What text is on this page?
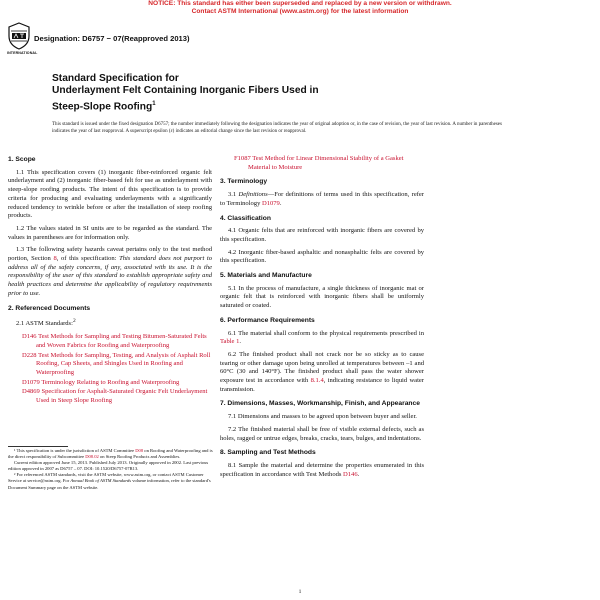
NOTICE: This standard has either been superseded and replaced by a new version or withdrawn.
Contact ASTM International (www.astm.org) for the latest information
INTERNATIONAL
Designation: D6757 − 07(Reapproved 2013)
Standard Specification for
Underlayment Felt Containing Inorganic Fibers Used in
Steep-Slope Roofing$^1$
This standard is issued under the fixed designation D6757; the number immediately following the designation indicates the year of original adoption or, in the case of revision, the year of last revision. A number in parentheses indicates the year of last reapproval. A superscript epsilon (ε) indicates an editorial change since the last revision or reapproval.
1. Scope

1.1 This specification covers (1) inorganic fiber-reinforced organic felt underlayment and (2) inorganic fiber-based felt for use as underlayment with steep-slope roofing products. The intent of this specification is to provide criteria for producing and evaluating underlayments with a significantly reduced tendency to wrinkle before or after the installation of steep roofing products.

1.2 The values stated in SI units are to be regarded as the standard. The values in parentheses are for information only.

1.3 The following safety hazards caveat pertains only to the test method portion, Section 8, of this specification: This standard does not purport to address all of the safety concerns, if any, associated with its use. It is the responsibility of the user of this standard to establish appropriate safety and health practices and determine the applicability of regulatory requirements prior to use.

2. Referenced Documents

2.1 ASTM Standards:$^2$

D146 Test Methods for Sampling and Testing Bitumen-Saturated Felts and Woven Fabrics for Roofing and Waterproofing
D228 Test Methods for Sampling, Testing, and Analysis of Asphalt Roll Roofing, Cap Sheets, and Shingles Used in Roofing and Waterproofing
D1079 Terminology Relating to Roofing and Waterproofing
D4869 Specification for Asphalt-Saturated Organic Felt Underlayment Used in Steep Slope Roofing
¹ This specification is under the jurisdiction of ASTM Committee D08 on Roofing and Waterproofing and is the direct responsibility of Subcommittee D08.02 on Steep Roofing Products and Assemblies.
Current edition approved June 15, 2013. Published July 2013. Originally approved in 2002. Last previous edition approved in 2007 as D6757 – 07. DOI: 10.1520/D6757-07R13.
² For referenced ASTM standards, visit the ASTM website, www.astm.org, or contact ASTM Customer Service at service@astm.org. For Annual Book of ASTM Standards volume information, refer to the standard's Document Summary page on the ASTM website.
F1087 Test Method for Linear Dimensional Stability of a Gasket Material to Moisture
3. Terminology

3.1 Definitions—For definitions of terms used in this specification, refer to Terminology D1079.

4. Classification

4.1 Organic felts that are reinforced with inorganic fibers are covered by this specification.

4.2 Inorganic fiber-based asphaltic and nonasphaltic felts are covered by this specification.

5. Materials and Manufacture

5.1 In the process of manufacture, a single thickness of inorganic mat or organic felt that is reinforced with inorganic fibers shall be uniformly saturated or coated.

6. Performance Requirements

6.1 The material shall conform to the physical requirements prescribed in Table 1.

6.2 The finished product shall not crack nor be so sticky as to cause tearing or other damage upon being unrolled at temperatures between –1 and 60°C (30 and 140°F). The finished product shall pass the water shower exposure test in accordance with 8.1.4, indicating resistance to liquid water transmission.

7. Dimensions, Masses, Workmanship, Finish, and Appearance

7.1 Dimensions and masses to be agreed upon between buyer and seller.

7.2 The finished material shall be free of visible external defects, such as holes, ragged or untrue edges, breaks, cracks, tears, bulges, and indentations.

8. Sampling and Test Methods

8.1 Sample the material and determine the properties enumerated in this specification in accordance with Test Methods D146.

1
